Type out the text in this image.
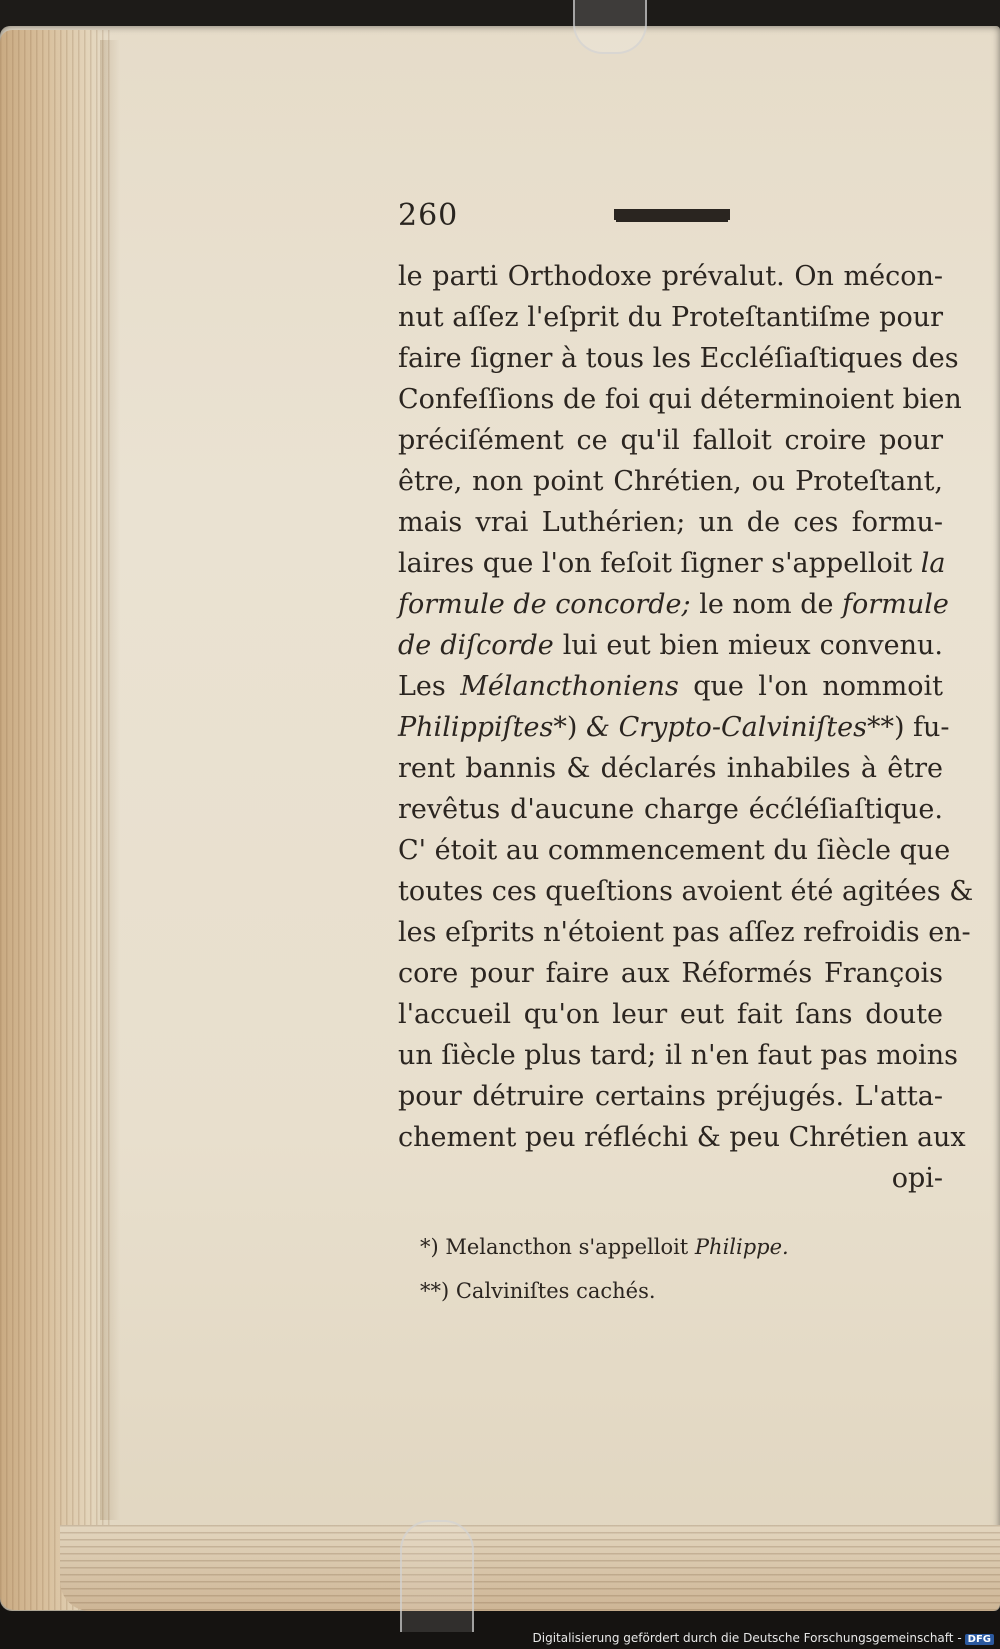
260
le parti Orthodoxe prévalut. On mécon-
nut aſſez l'eſprit du Proteſtantiſme pour
faire ſigner à tous les Eccléſiaſtiques des
Confeſſions de foi qui déterminoient bien
préciſément ce qu'il falloit croire pour
être, non point Chrétien, ou Proteſtant,
mais vrai Luthérien; un de ces formu-
laires que l'on feſoit ſigner s'appelloit la
formule de concorde; le nom de formule
de diſcorde lui eut bien mieux convenu.
Les Mélancthoniens que l'on nommoit
Philippiſtes*) & Crypto-Calviniſtes**) fu-
rent bannis & déclarés inhabiles à être
revêtus d'aucune charge écćléſiaſtique.
C' étoit au commencement du ſiècle que
toutes ces queſtions avoient été agitées &
les eſprits n'étoient pas aſſez refroidis en-
core pour faire aux Réformés François
l'accueil qu'on leur eut fait ſans doute
un ſiècle plus tard; il n'en faut pas moins
pour détruire certains préjugés. L'atta-
chement peu réfléchi & peu Chrétien aux
opi-
*) Melancthon s'appelloit Philippe.
**) Calviniſtes cachés.
Digitalisierung gefördert durch die Deutsche Forschungsgemeinschaft - DFG
